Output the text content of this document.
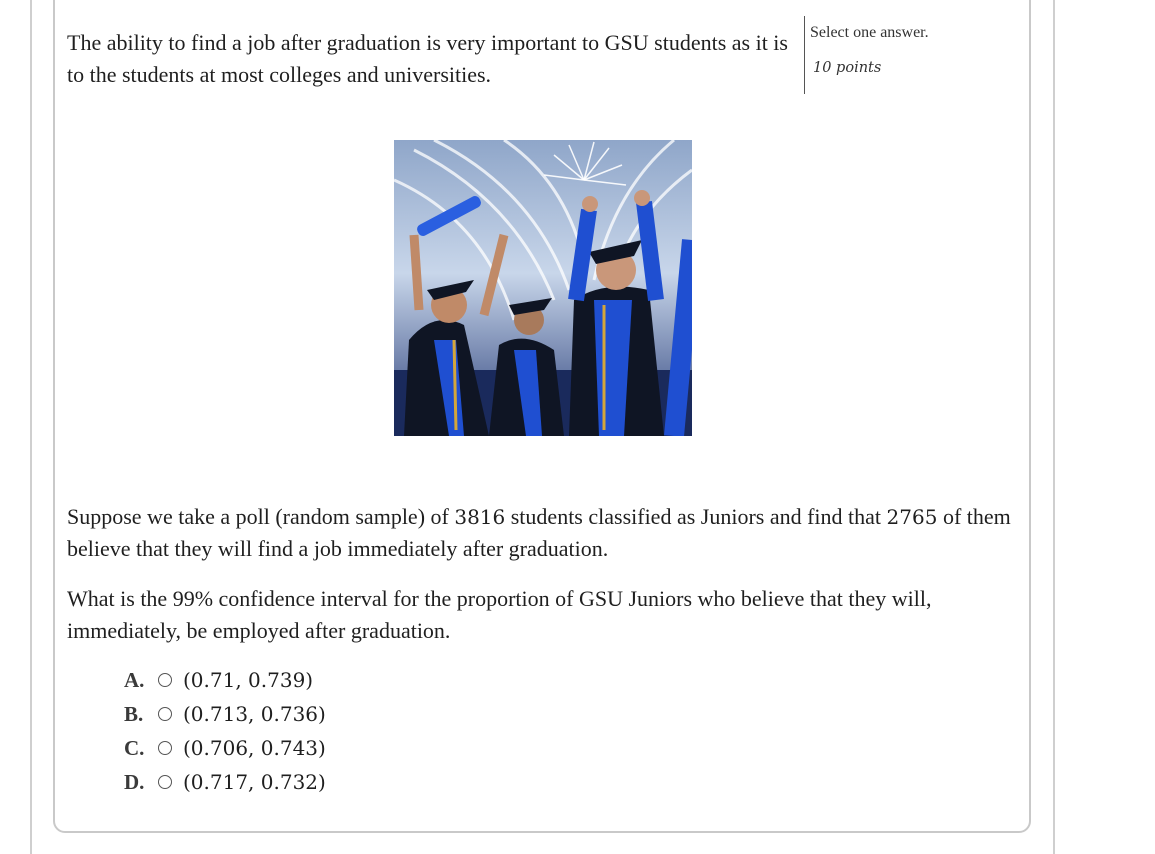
The ability to find a job after graduation is very important to GSU students as it is to the students at most colleges and universities.
Select one answer.
10 points
Suppose we take a poll (random sample) of 3816 students classified as Juniors and find that 2765 of them believe that they will find a job immediately after graduation.
What is the 99% confidence interval for the proportion of GSU Juniors who believe that they will, immediately, be employed after graduation.
A.	(0.71, 0.739)
B.	(0.713, 0.736)
C.	(0.706, 0.743)
D.	(0.717, 0.732)
